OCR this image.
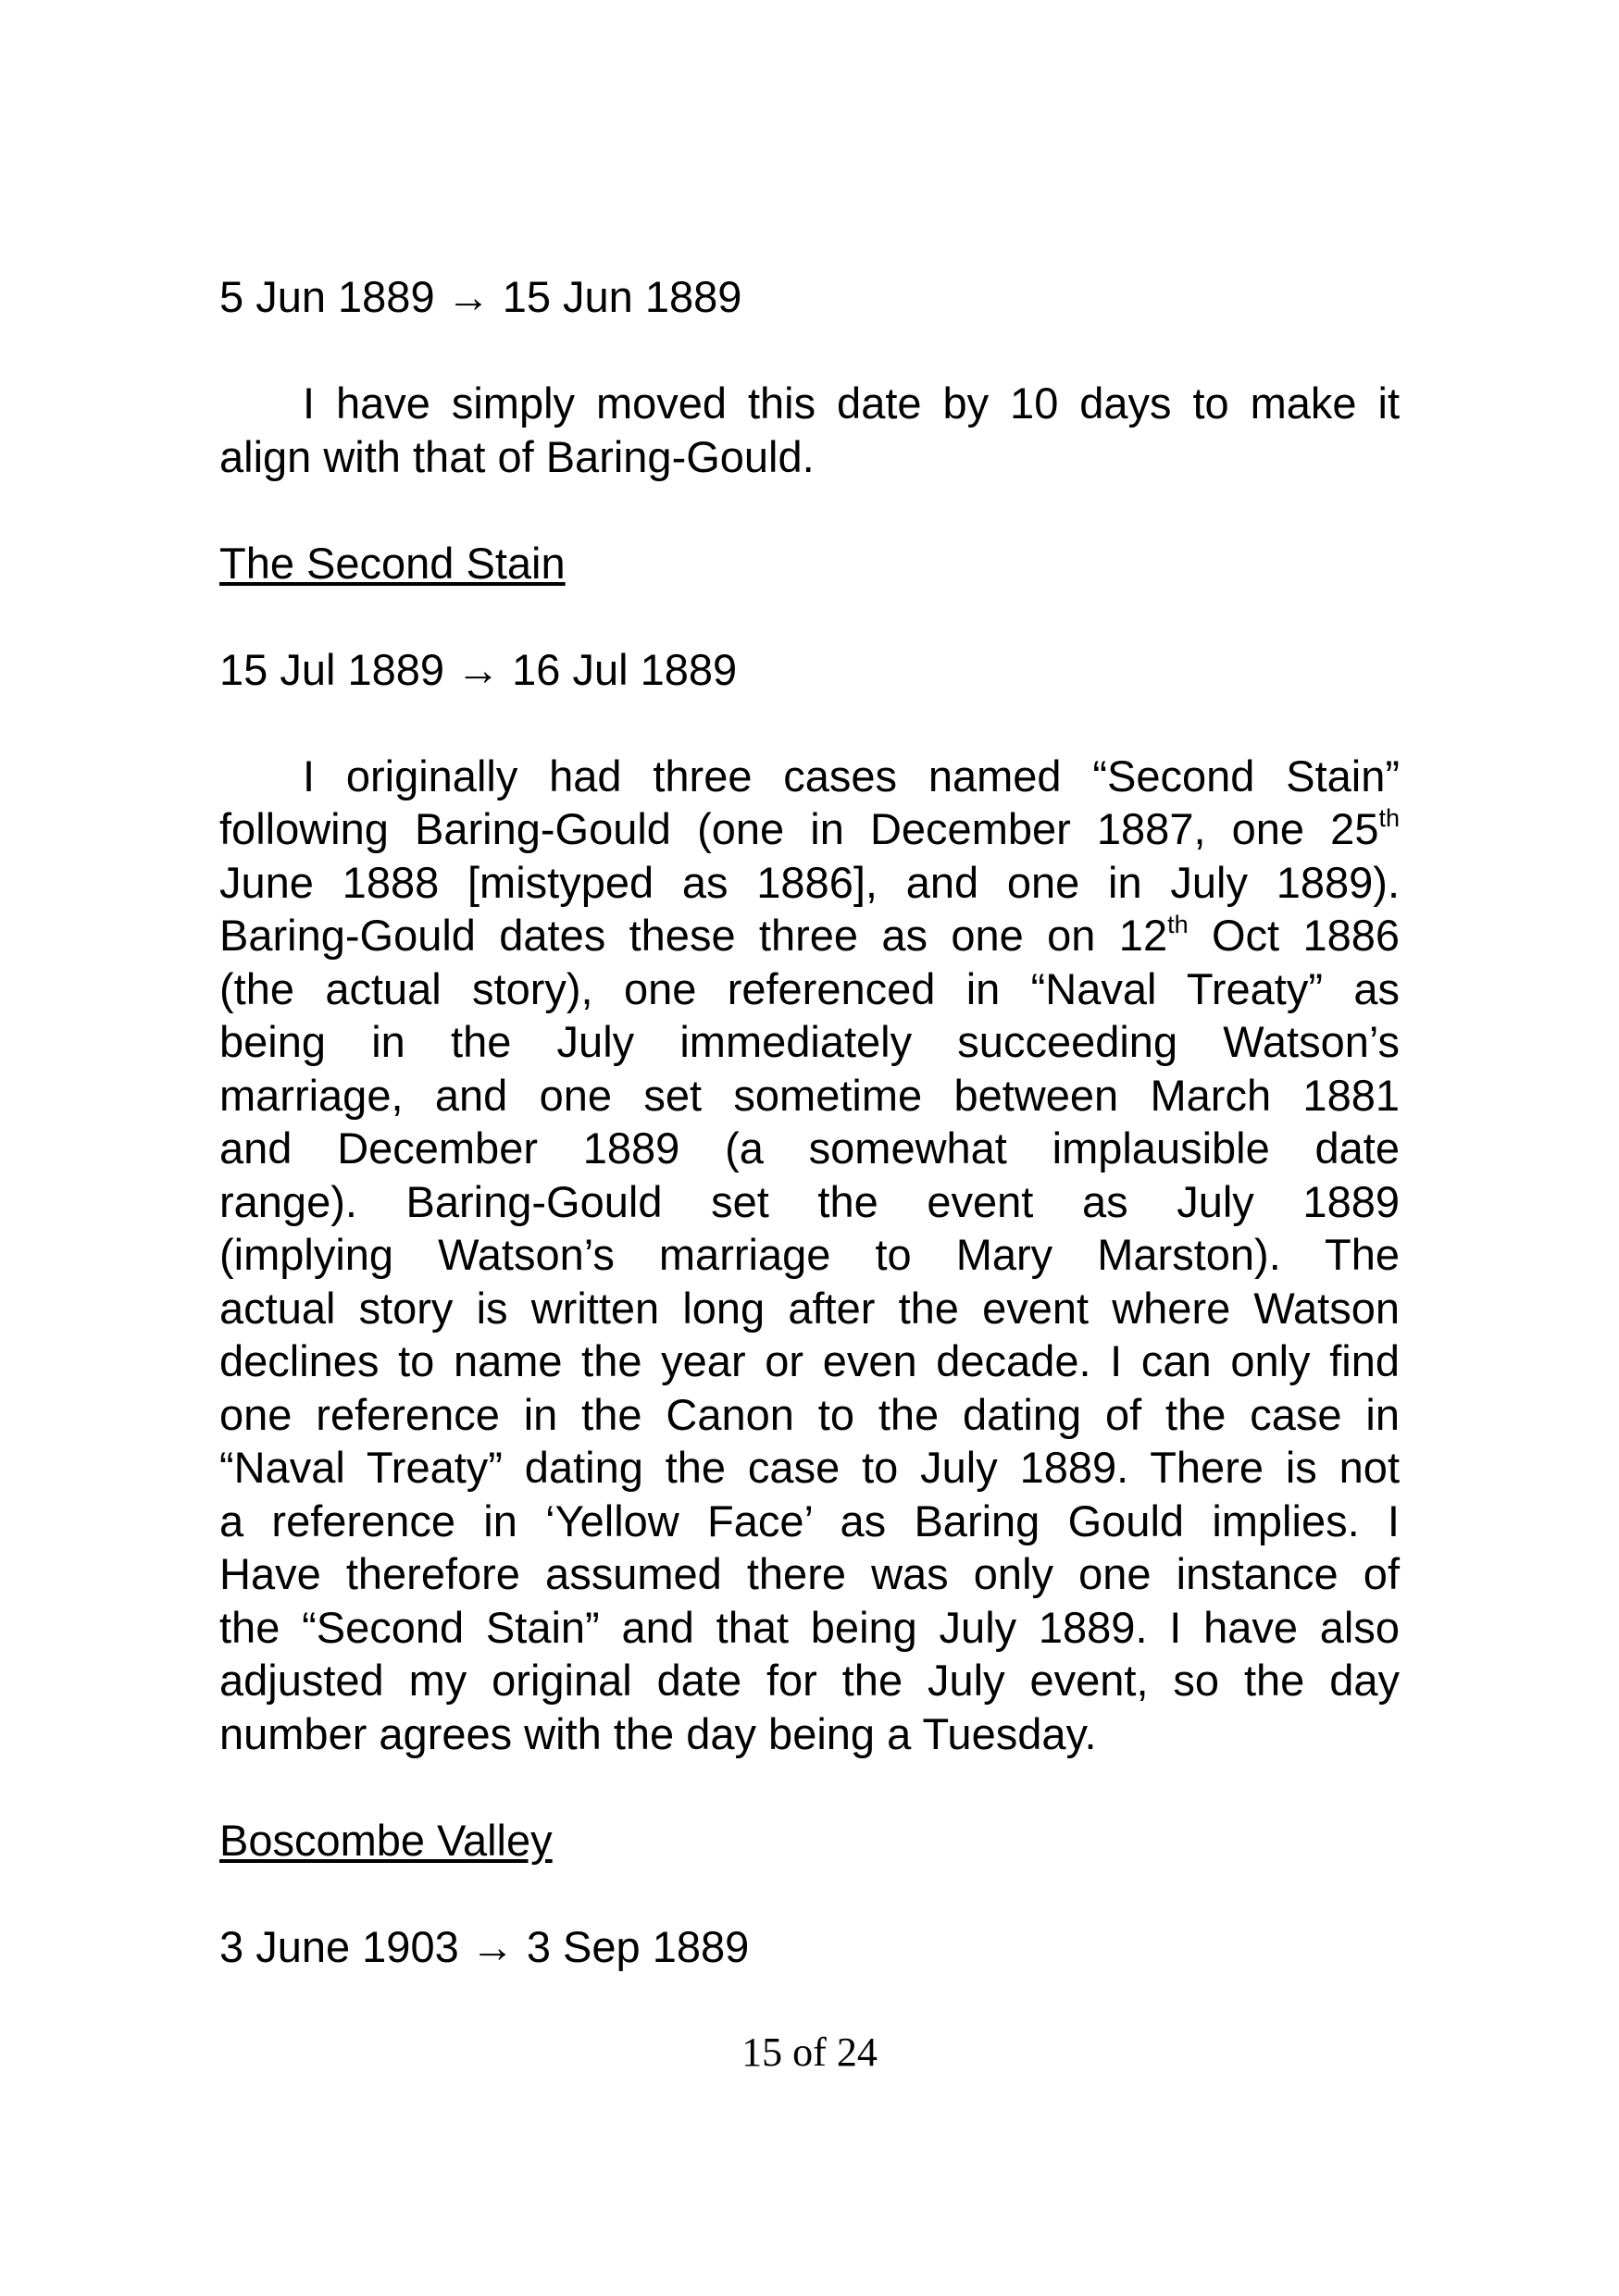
5 Jun 1889 → 15 Jun 1889
I have simply moved this date by 10 days to make it
align with that of Baring-Gould.
The Second Stain
15 Jul 1889 → 16 Jul 1889
I originally had three cases named “Second Stain”
following Baring-Gould (one in December 1887, one 25th
June 1888 [mistyped as 1886], and one in July 1889).
Baring-Gould dates these three as one on 12th Oct 1886
(the actual story), one referenced in “Naval Treaty” as
being in the July immediately succeeding Watson’s
marriage, and one set sometime between March 1881
and December 1889 (a somewhat implausible date
range). Baring-Gould set the event as July 1889
(implying Watson’s marriage to Mary Marston). The
actual story is written long after the event where Watson
declines to name the year or even decade. I can only find
one reference in the Canon to the dating of the case in
“Naval Treaty” dating the case to July 1889. There is not
a reference in ‘Yellow Face’ as Baring Gould implies. I
Have therefore assumed there was only one instance of
the “Second Stain” and that being July 1889. I have also
adjusted my original date for the July event, so the day
number agrees with the day being a Tuesday.
Boscombe Valley
3 June 1903 → 3 Sep 1889
15 of 24
